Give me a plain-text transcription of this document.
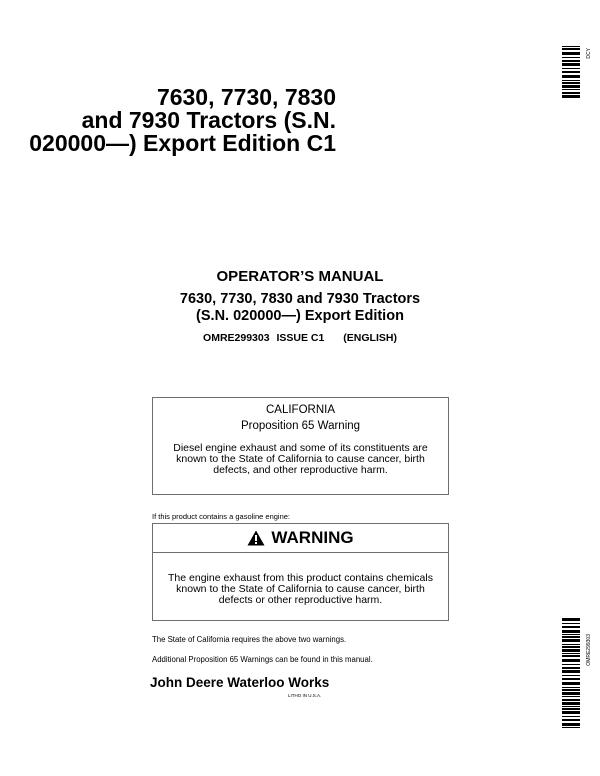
7630, 7730, 7830
and 7930 Tractors (S.N.
020000—) Export Edition C1
DCY
OMRE299303
OPERATOR’S MANUAL
7630, 7730, 7830 and 7930 Tractors
(S.N. 020000—) Export Edition
OMRE299303 ISSUE C1 (ENGLISH)
CALIFORNIA
Proposition 65 Warning
Diesel engine exhaust and some of its constituents are known to the State of California to cause cancer, birth defects, and other reproductive harm.
If this product contains a gasoline engine:
WARNING
The engine exhaust from this product contains chemicals known to the State of California to cause cancer, birth defects or other reproductive harm.
The State of California requires the above two warnings.
Additional Proposition 65 Warnings can be found in this manual.
John Deere Waterloo Works
LITHO IN U.S.A.
